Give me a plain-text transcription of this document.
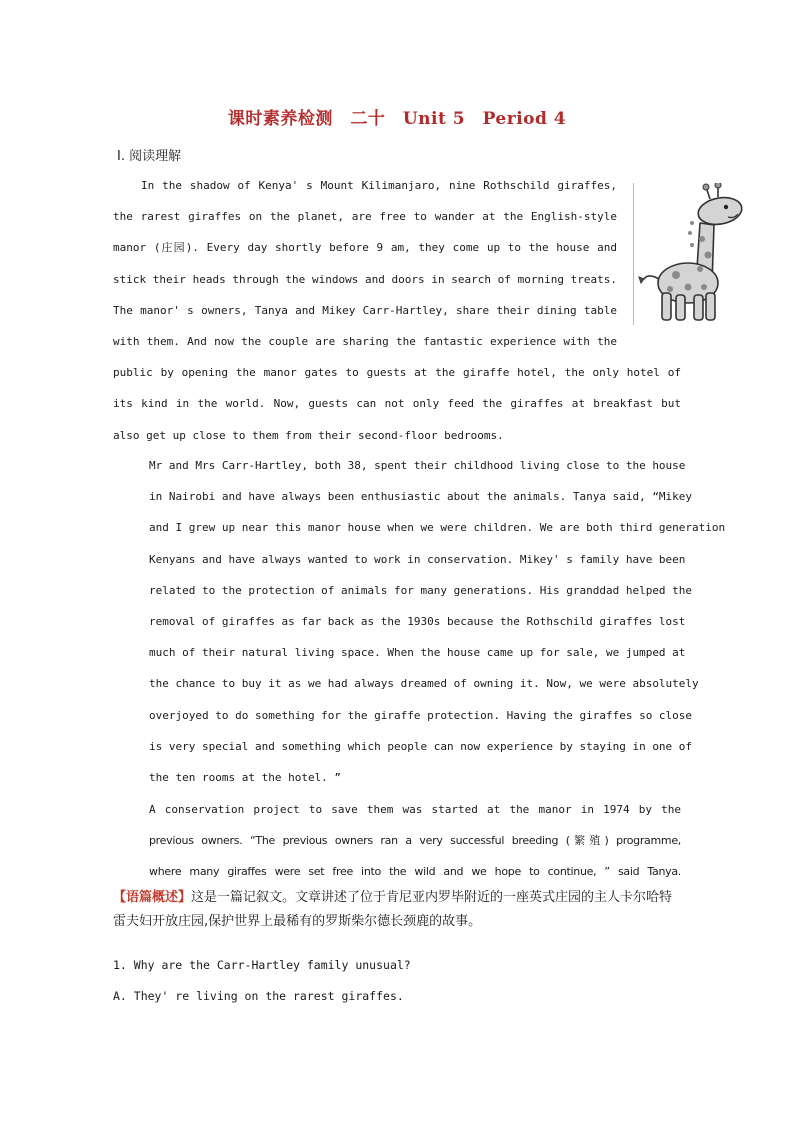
课时素养检测　二十　Unit 5　Period 4
Ⅰ. 阅读理解
In the shadow of Kenya' s Mount Kilimanjaro, nine Rothschild giraffes,
the rarest giraffes on the planet, are free to wander at the English-style
manor (庄园). Every day shortly before 9 am, they come up to the house and
stick their heads through the windows and doors in search of morning treats.
The manor' s owners, Tanya and Mikey Carr-Hartley, share their dining table
with them. And now the couple are sharing the fantastic experience with the
public by opening the manor gates to guests at the giraffe hotel, the only hotel of
its kind in the world. Now, guests can not only feed the giraffes at breakfast but
also get up close to them from their second-floor bedrooms.
Mr and Mrs Carr-Hartley, both 38, spent their childhood living close to the house
in Nairobi and have always been enthusiastic about the animals. Tanya said, “Mikey
and I grew up near this manor house when we were children. We are both third generation
Kenyans and have always wanted to work in conservation. Mikey' s family have been
related to the protection of animals for many generations. His granddad helped the
removal of giraffes as far back as the 1930s because the Rothschild giraffes lost
much of their natural living space. When the house came up for sale, we jumped at
the chance to buy it as we had always dreamed of owning it. Now, we were absolutely
overjoyed to do something for the giraffe protection. Having the giraffes so close
is very special and something which people can now experience by staying in one of
the ten rooms at the hotel. ”
A conservation project to save them was started at the manor in 1974 by the
previous owners. “The previous owners ran a very successful breeding (繁殖) programme,
where many giraffes were set free into the wild and we hope to continue, ” said Tanya.

【语篇概述】这是一篇记叙文。文章讲述了位于肯尼亚内罗毕附近的一座英式庄园的主人卡尔哈特雷夫妇开放庄园,保护世界上最稀有的罗斯柴尔德长颈鹿的故事。

1. Why are the Carr-Hartley family unusual?
A. They' re living on the rarest giraffes.
